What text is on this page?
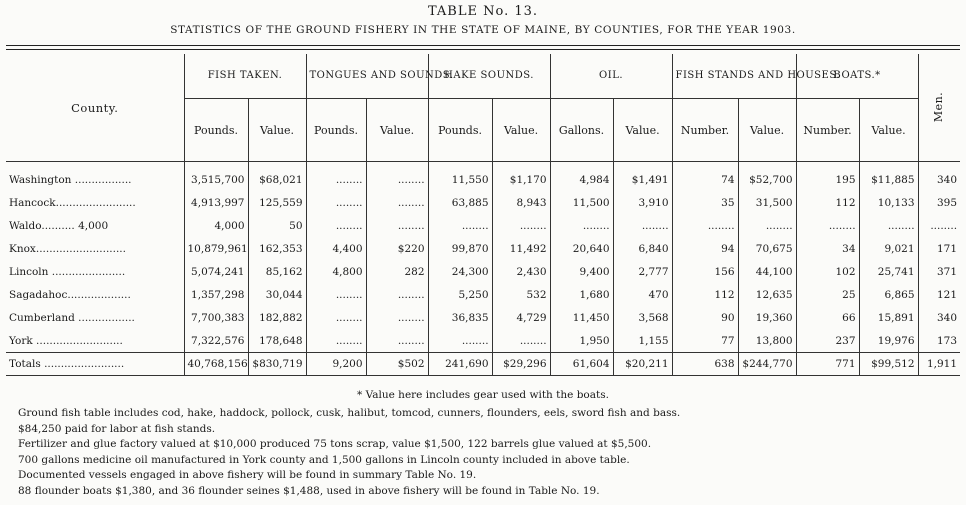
TABLE No. 13.
STATISTICS OF THE GROUND FISHERY IN THE STATE OF MAINE, BY COUNTIES, FOR THE YEAR 1903.
County.	FISH TAKEN.		TONGUES AND SOUNDS.		HAKE SOUNDS.		OIL.		FISH STANDS AND HOUSES.		BOATS.*		Men.
	Pounds.	Value.	Pounds.	Value.	Pounds.	Value.	Gallons.	Value.	Number.	Value.	Number.	Value.	
Washington .................	3,515,700	$68,021	........	........	11,550	$1,170	4,984	$1,491	74	$52,700	195	$11,885	340
Hancock........................	4,913,997	125,559	........	........	63,885	8,943	11,500	3,910	35	31,500	112	10,133	395
Waldo.......... 4,000	4,000	50	........	........	........	........	........	........	........	........	........	........	........
Knox...........................	10,879,961	162,353	4,400	$220	99,870	11,492	20,640	6,840	94	70,675	34	9,021	171
Lincoln ......................	5,074,241	85,162	4,800	282	24,300	2,430	9,400	2,777	156	44,100	102	25,741	371
Sagadahoc...................	1,357,298	30,044	........	........	5,250	532	1,680	470	112	12,635	25	6,865	121
Cumberland .................	7,700,383	182,882	........	........	36,835	4,729	11,450	3,568	90	19,360	66	15,891	340
York ..........................	7,322,576	178,648	........	........	........	........	1,950	1,155	77	13,800	237	19,976	173
Totals ........................	40,768,156	$830,719	9,200	$502	241,690	$29,296	61,604	$20,211	638	$244,770	771	$99,512	1,911
* Value here includes gear used with the boats.
Ground fish table includes cod, hake, haddock, pollock, cusk, halibut, tomcod, cunners, flounders, eels, sword fish and bass.
$84,250 paid for labor at fish stands.
Fertilizer and glue factory valued at $10,000 produced 75 tons scrap, value $1,500, 122 barrels glue valued at $5,500.
700 gallons medicine oil manufactured in York county and 1,500 gallons in Lincoln county included in above table.
Documented vessels engaged in above fishery will be found in summary Table No. 19.
88 flounder boats $1,380, and 36 flounder seines $1,488, used in above fishery will be found in Table No. 19.
